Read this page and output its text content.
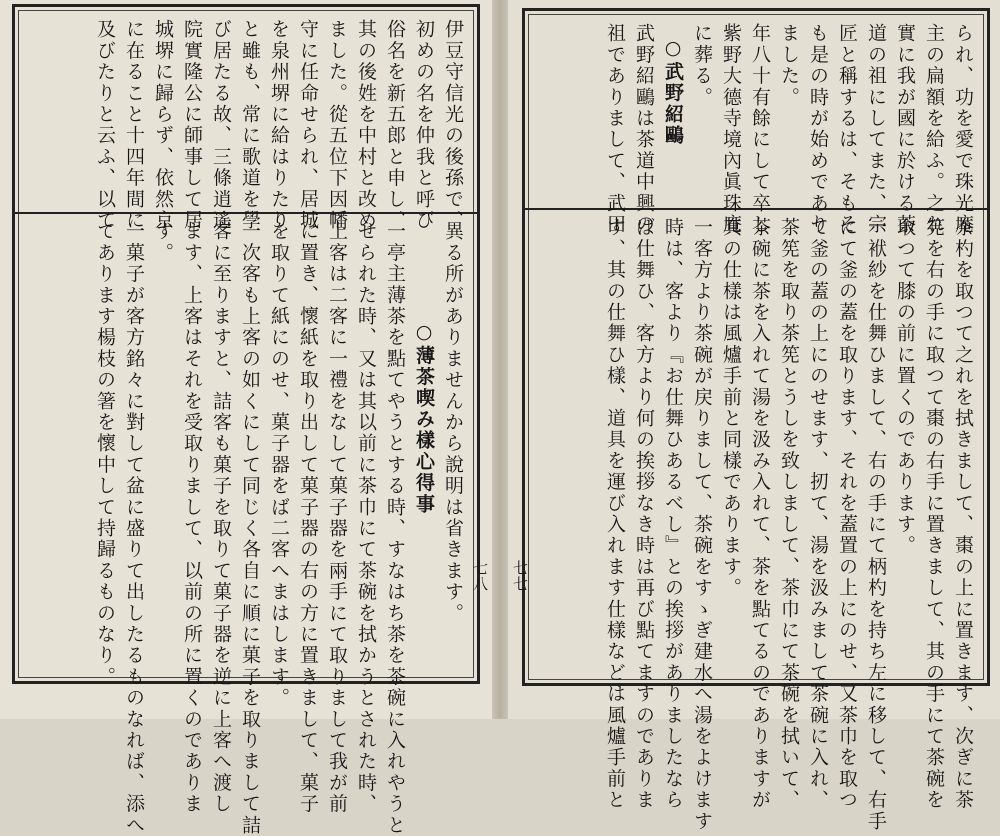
伊豆守信光の後孫で、
初めの名を仲我と呼び
俗名を新五郎と申し、
其の後姓を中村と改め
ました。從五位下因幡
守に任命せられ、居城
を泉州堺に給はりたり
と雖も、常に歌道を學
び居たる故、三條逍遙
院實隆公に師事して居
城堺に歸らず、依然京
に在ること十四年間に
及びたりと云ふ、以て
異る所がありませんから說明は省きます。
○薄茶喫み樣心得事
一亭主薄茶を點てやうとする時、すなはち茶を茶碗に入れやうと
せられた時、又は其以前に茶巾にて茶碗を拭かうとされた時、
上客は二客に一禮をなして菓子器を兩手にて取りまして我が前
に置き、懷紙を取り出して菓子器の右の方に置きまして、菓子
を取りて紙にのせ、菓子器をば二客へまはします。
一次客も上客の如くにして同じく各自に順に菓子を取りまして詰
客に至りますと、詰客も菓子を取りて菓子器を逆に上客へ渡し
ます、上客はそれを受取りまして、以前の所に置くのでありま
す。
一菓子が客方銘々に對して盆に盛りて出したるものなれば、添へ
てあります楊枝の箸を懷中して持歸るものなり。	七八
られ、功を愛で珠光庵
主の扁額を給ふ。之れ
實に我が國に於ける茶
道の祖にしてまた、宗
匠と稱するは、そもそ
も是の時が始めであり
ました。
年八十有餘にして卒し
紫野大德寺境內眞珠庵
に葬る。
○武野紹鷗
武野紹鷗は茶道中興の
祖でありまして、武田
茶杓を取つて之れを拭きまして、棗の上に置きます、次ぎに茶
筅を右の手に取つて棗の右手に置きまして、其の手にて茶碗を
取つて膝の前に置くのであります。
一袱紗を仕舞ひまして、右の手にて柄杓を持ち左に移して、右手
にて釜の蓋を取ります、それを蓋置の上にのせ、又茶巾を取つ
て釜の蓋の上にのせます、扨て、湯を汲みまして茶碗に入れ、
茶筅を取り茶筅とうしを致しまして、茶巾にて茶碗を拭いて、
茶碗に茶を入れて湯を汲み入れて、茶を點てるのでありますが
其の仕樣は風爐手前と同樣であります。
一客方より茶碗が戻りまして、茶碗をすゝぎ建水へ湯をよけます
時は、客より『お仕舞ひあるべし』との挨拶がありましたなら
ば仕舞ひ、客方より何の挨拶なき時は再び點てますのでありま
す、其の仕舞ひ樣、道具を運び入れます仕樣などは風爐手前と
七七
